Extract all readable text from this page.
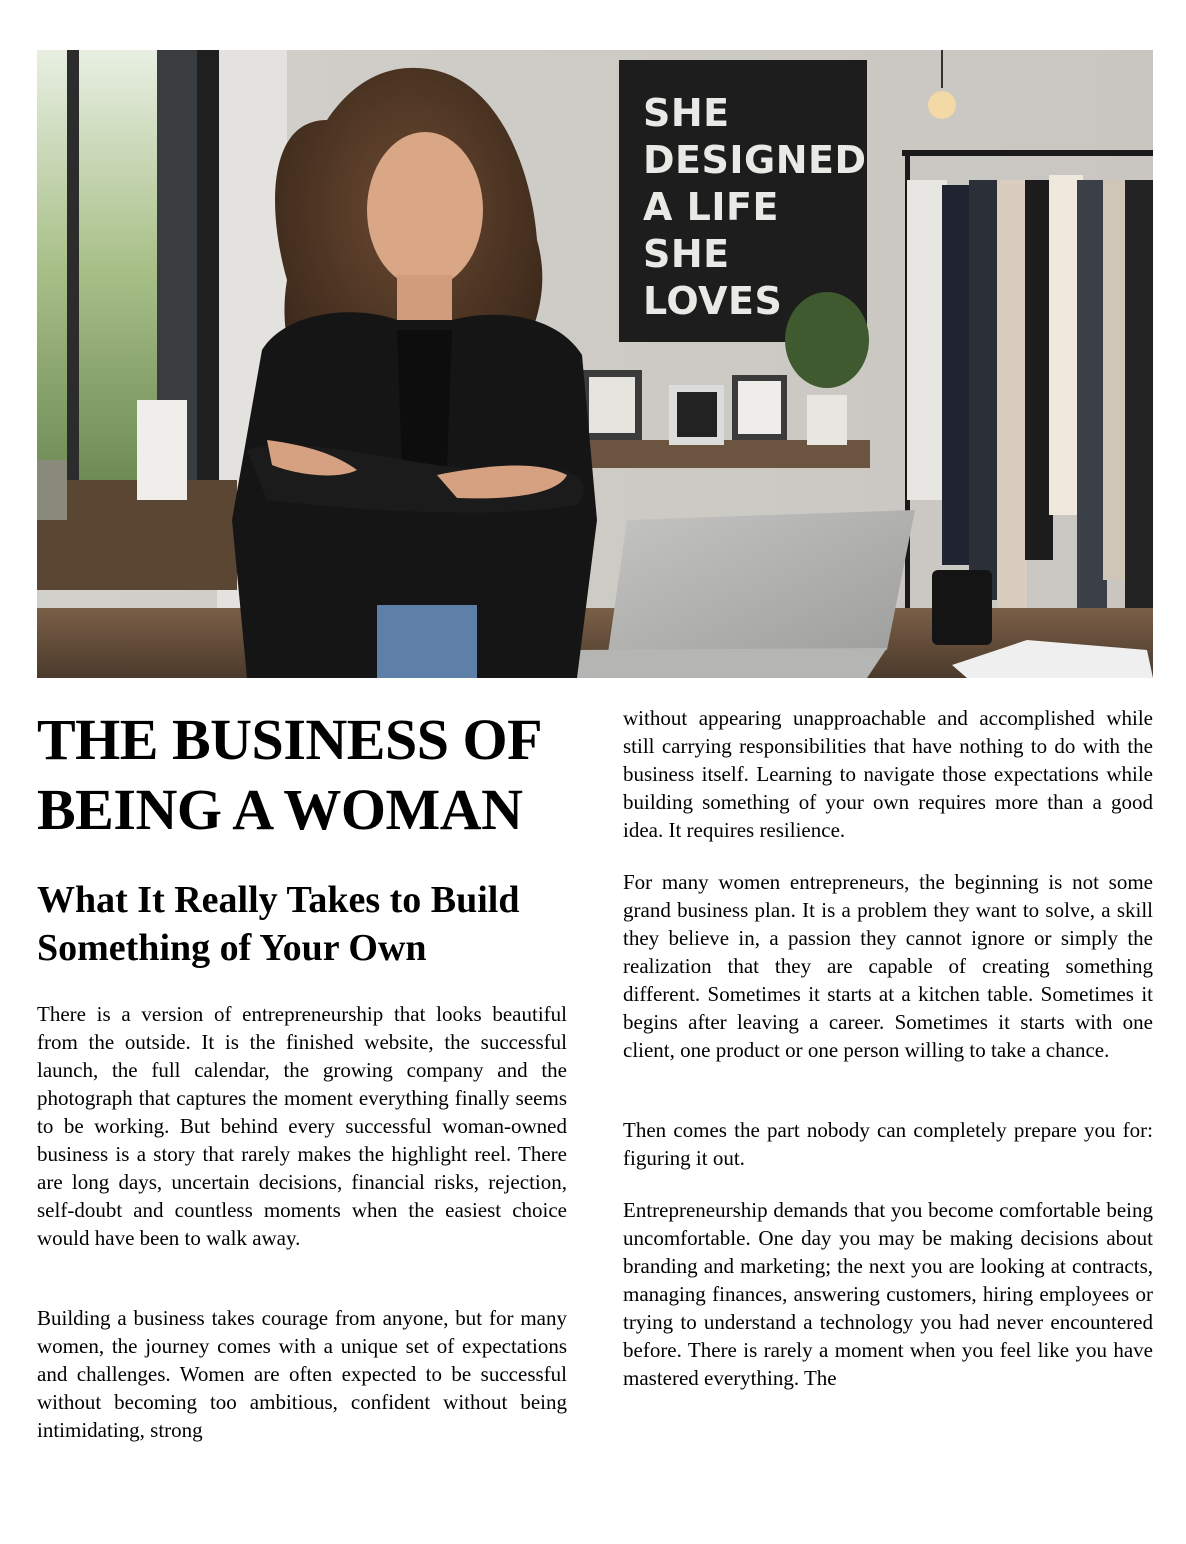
SHE
DESIGNED
A LIFE
SHE
LOVES
THE BUSINESS OF BEING A WOMAN
What It Really Takes to Build Something of Your Own

There is a version of entrepreneurship that looks beautiful from the outside. It is the finished website, the successful launch, the full calendar, the growing company and the photograph that captures the moment everything finally seems to be working. But behind every successful woman-owned business is a story that rarely makes the highlight reel. There are long days, uncertain decisions, financial risks, rejection, self-doubt and countless moments when the easiest choice would have been to walk away.

Building a business takes courage from anyone, but for many women, the journey comes with a unique set of expectations and challenges. Women are often expected to be successful without becoming too ambitious, confident without being intimidating, strong

without appearing unapproachable and accomplished while still carrying responsibilities that have nothing to do with the business itself. Learning to navigate those expectations while building something of your own requires more than a good idea. It requires resilience.

For many women entrepreneurs, the beginning is not some grand business plan. It is a problem they want to solve, a skill they believe in, a passion they cannot ignore or simply the realization that they are capable of creating something different. Sometimes it starts at a kitchen table. Sometimes it begins after leaving a career. Sometimes it starts with one client, one product or one person willing to take a chance.

Then comes the part nobody can completely prepare you for: figuring it out.

Entrepreneurship demands that you become comfortable being uncomfortable. One day you may be making decisions about branding and marketing; the next you are looking at contracts, managing finances, answering customers, hiring employees or trying to understand a technology you had never encountered before. There is rarely a moment when you feel like you have mastered everything. The
